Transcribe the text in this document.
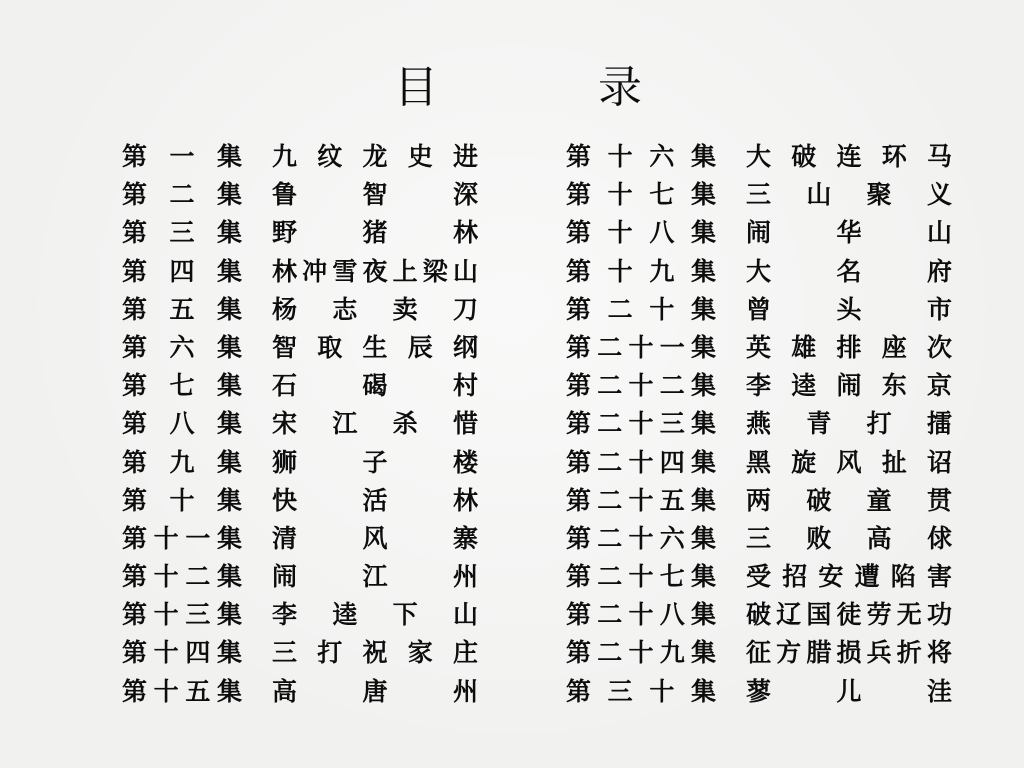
目	录
第 一 集 九 纹 龙 史 进
第 二 集 鲁	智	深
第 三 集 野	猪	林
第 四 集 林 冲 雪 夜 上 梁 山
第 五 集 杨 志 卖 刀
第 六 集 智 取 生 辰 纲
第 七 集 石	碣	村
第 八 集 宋 江 杀 惜
第 九 集 狮	子	楼
第 十 集 快	活	林
第 十 一 集 清	风	寨
第 十 二 集 闹	江	州
第 十 三 集 李 逵 下 山
第 十 四 集 三 打 祝 家 庄
第 十 五 集 高	唐	州
第 十 六 集 大 破 连 环 马
第 十 七 集 三 山 聚 义
第 十 八 集 闹	华	山
第 十 九 集 大	名	府
第 二 十 集 曾	头	市
第 二 十 一 集 英 雄 排 座 次
第 二 十 二 集 李 逵 闹 东 京
第 二 十 三 集 燕 青 打 擂
第 二 十 四 集 黑 旋 风 扯 诏
第 二 十 五 集 两 破 童 贯
第 二 十 六 集 三 败 高 俅
第 二 十 七 集 受 招 安 遭 陷 害
第 二 十 八 集 破 辽 国 徒 劳 无 功
第 二 十 九 集 征 方 腊 损 兵 折 将
第 三 十 集 蓼	儿	洼
